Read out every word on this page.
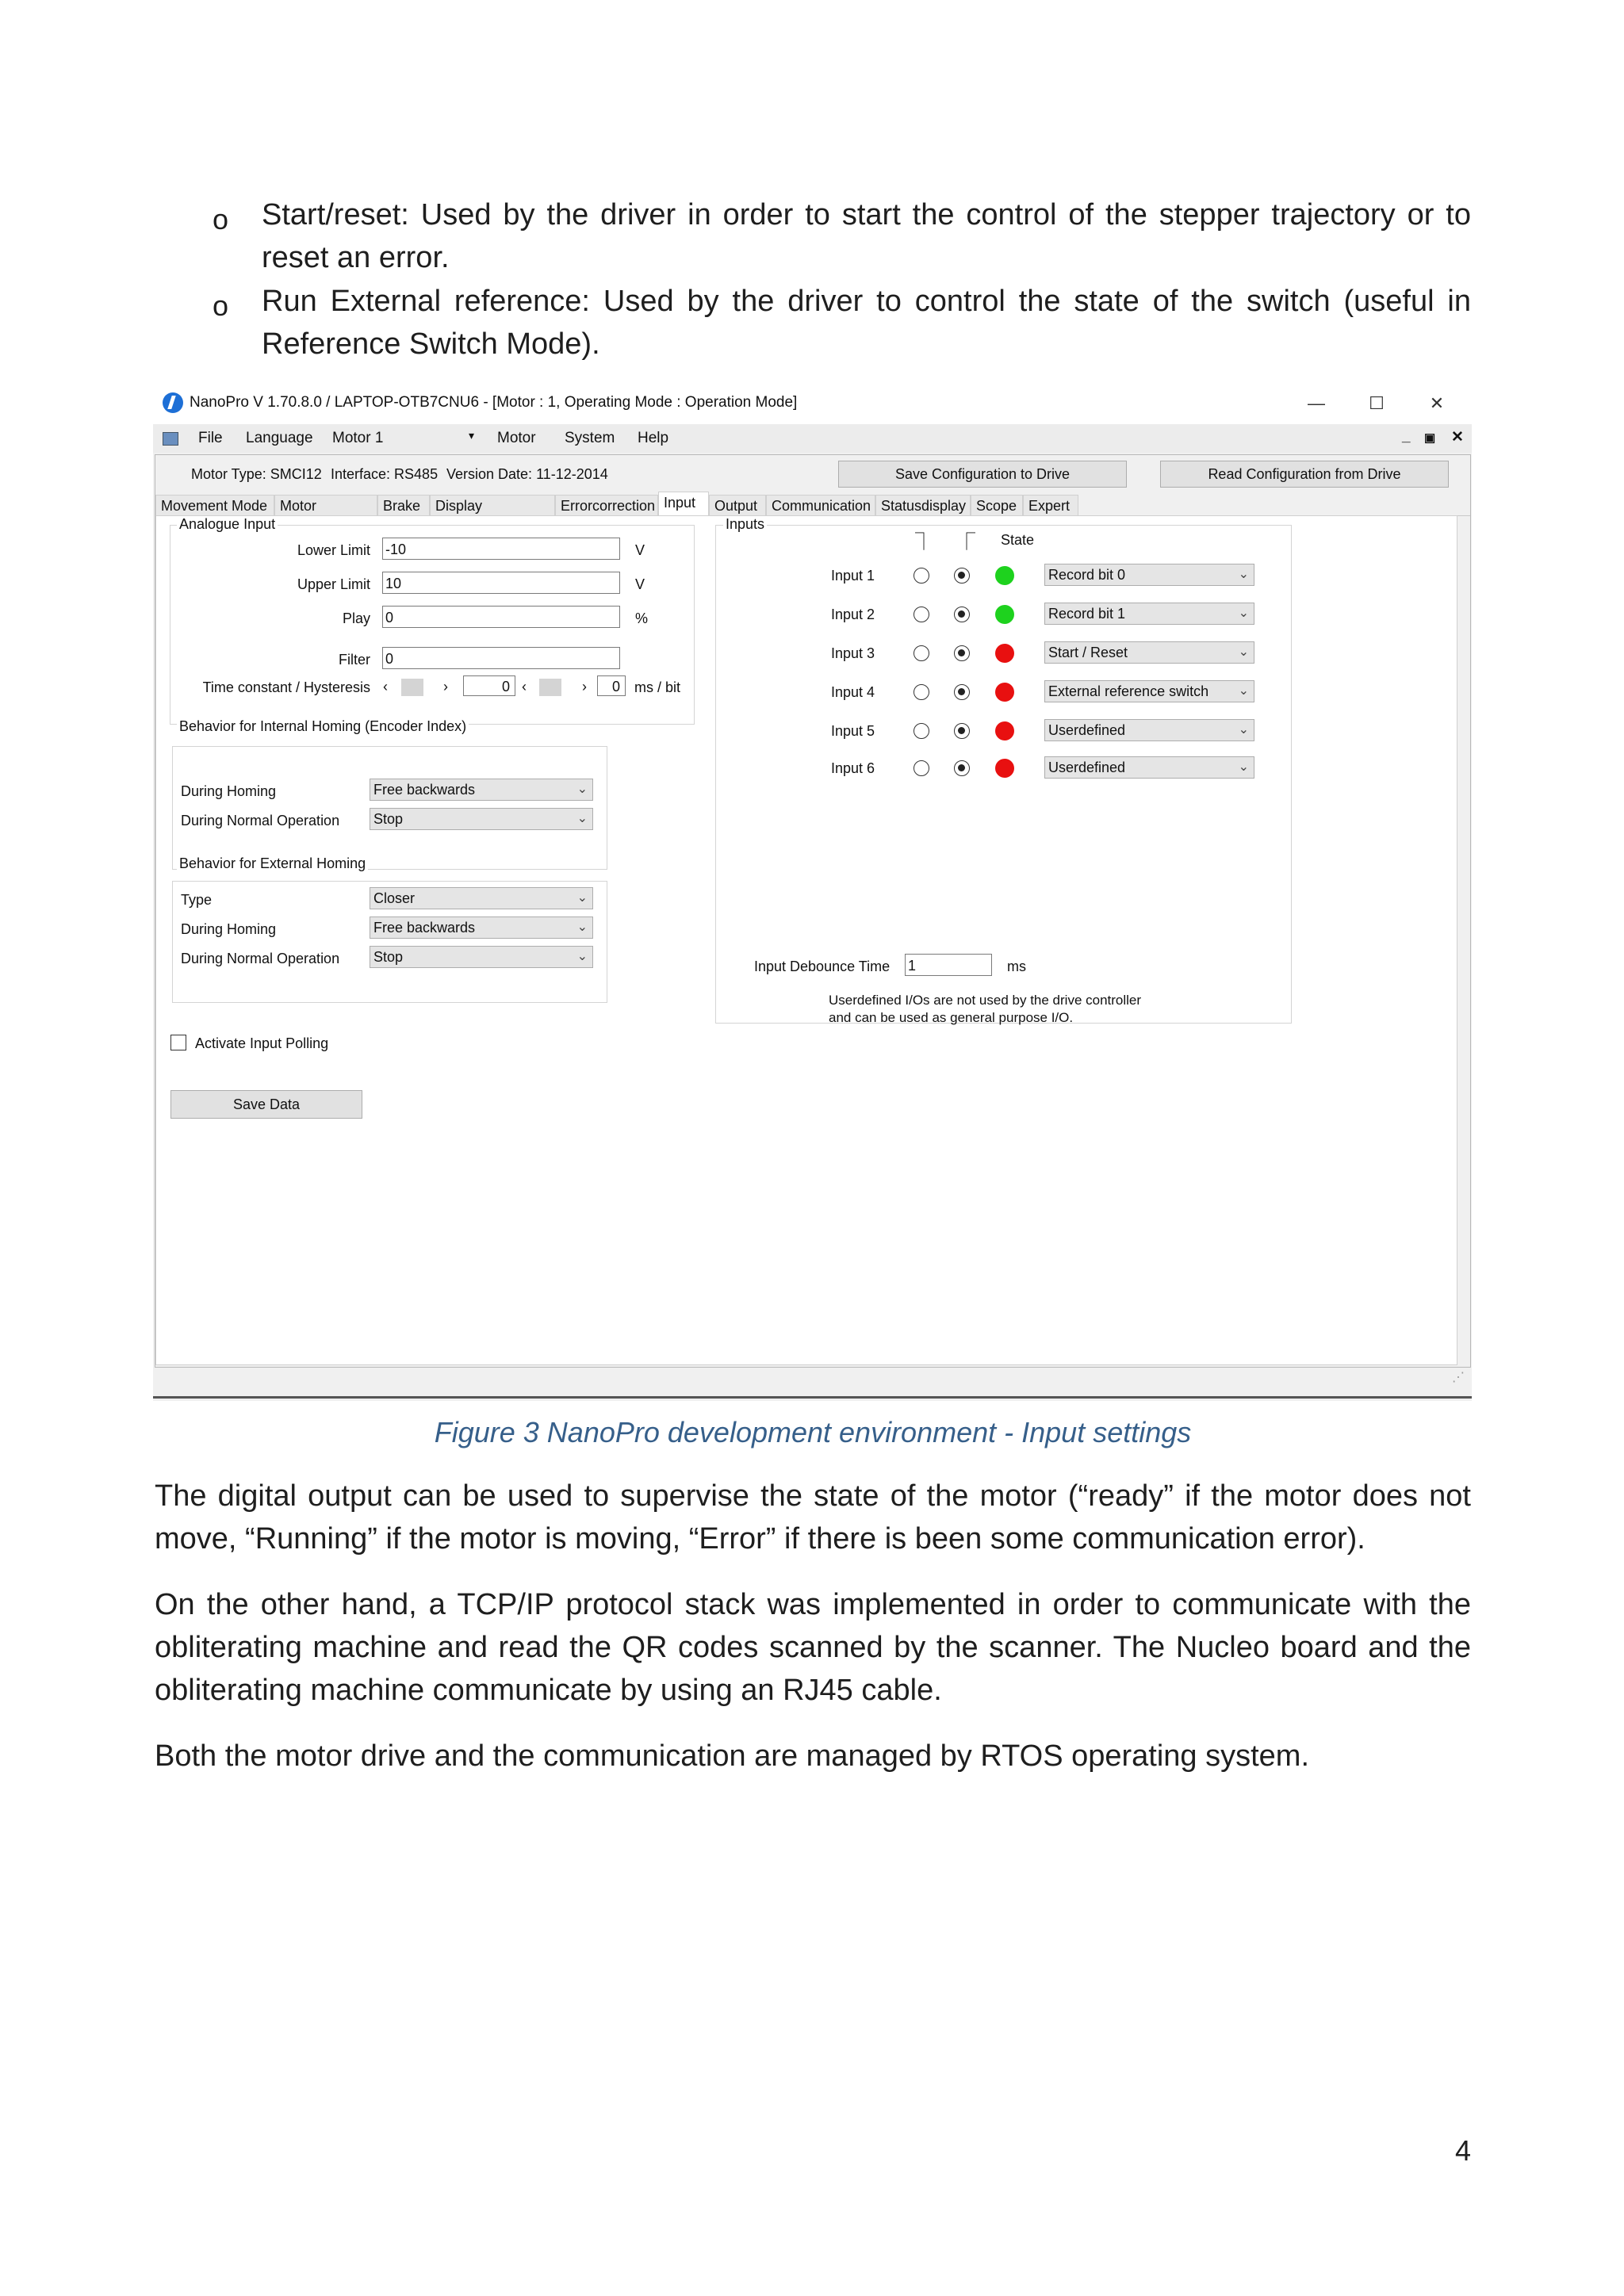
o Start/reset: Used by the driver in order to start the control of the stepper trajectory or to reset an error.
o Run External reference: Used by the driver to control the state of the switch (useful in Reference Switch Mode).
NanoPro V 1.70.8.0 / LAPTOP-OTB7CNU6 - [Motor : 1, Operating Mode : Operation Mode]	—	☐	✕
File Language Motor 1	▾ Motor System Help	_ ▣ ✕
Motor Type: SMCI12 Interface: RS485 Version Date: 11-12-2014	Save Configuration to Drive	Read Configuration from Drive
Movement Mode Motor	Brake	Display	Errorcorrection Input	Output Communication Statusdisplay Scope Expert
Analogue Input
Lower Limit -10	V
Upper Limit 10	V
Play 0	%
Filter 0
Time constant / Hysteresis ‹	›	0 ‹	›	0	ms / bit
Behavior for Internal Homing (Encoder Index)
During Homing	Free backwards	⌄
During Normal Operation Stop	⌄
Behavior for External Homing
Type	Closer	⌄
During Homing	Free backwards	⌄
During Normal Operation Stop	⌄
Activate Input Polling
Save Data
Inputs
⏋ ⎾ State
Input 1	Record bit 0	⌄
Input 2	Record bit 1	⌄
Input 3	Start / Reset	⌄
Input 4	External reference switch ⌄
Input 5	Userdefined	⌄
Input 6	Userdefined	⌄
Input Debounce Time 1	ms
Userdefined I/Os are not used by the drive controller
and can be used as general purpose I/O.
⋰
Figure 3 NanoPro development environment - Input settings
The digital output can be used to supervise the state of the motor (“ready” if the motor does not move, “Running” if the motor is moving, “Error” if there is been some communication error).
On the other hand, a TCP/IP protocol stack was implemented in order to communicate with the obliterating machine and read the QR codes scanned by the scanner. The Nucleo board and the obliterating machine communicate by using an RJ45 cable.
Both the motor drive and the communication are managed by RTOS operating system.
4
